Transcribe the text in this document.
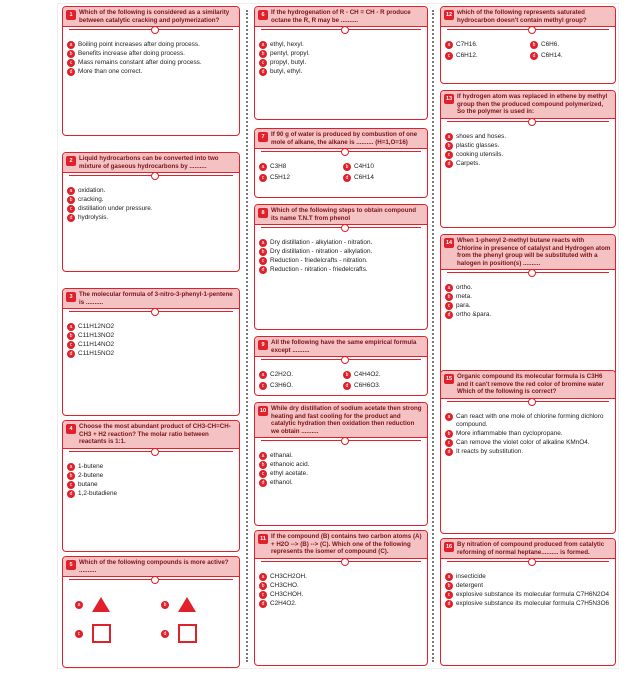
1	Which of the following is considered as a similarity between catalytic cracking and polymerization?
a Boiling point increases after doing process.
b Benefits increase after doing process.
c Mass remains constant after doing process.
d More than one correct.
2	Liquid hydrocarbons can be converted into two mixture of gaseous hydrocarbons by ..........
a oxidation.
b cracking.
c distillation under pressure.
d hydrolysis.
3	The molecular formula of 3-nitro-3-phenyl-1-pentene is ..........
a C11H12NO2
b C11H13NO2
c C11H14NO2
d C11H15NO2
4	Choose the most abundant product of CH3-CH=CH-CH3 + H2 reaction? The molar ratio between reactants is 1:1.
a 1-butene
b 2-butene
c butane
d 1,2-butadiene
5	Which of the following compounds is more active? ..........
a	b
c	d
6	If the hydrogenation of R - CH = CH - R produce octane the R, R may be ..........
a ethyl, hexyl.
b pentyl, propyl.
c propyl, butyl.
d butyl, ethyl.
7	If 90 g of water is produced by combustion of one mole of alkane, the alkane is .......... (H=1,O=16)
a C3H8	b C4H10
c C5H12	d C6H14
8	Which of the following steps to obtain compound its name T.N.T from phenol
a Dry distillation - alkylation - nitration.
b Dry distillation - nitration - alkylation.
c Reduction - friedelcrafts - nitration.
d Reduction - nitration - friedelcrafts.
9	All the following have the same empirical formula except ..........
a C2H2O.	b C4H4O2.
c C3H6O.	d C6H6O3.
10 While dry distillation of sodium acetate then strong heating and fast cooling for the product and catalytic hydration then oxidation then reduction we obtain ..........
a ethanal.
b ethanoic acid.
c ethyl acetate.
d ethanol.
11 If the compound (B) contains two carbon atoms (A) + H2O --> (B) --> (C). Which one of the following represents the isomer of compound (C).
a CH3CH2OH.
b CH3CHO.
c CH3CHOH.
d C2H4O2.
12 which of the following represents saturated hydrocarbon doesn't contain methyl group?
a C7H16.	b C6H6.
c C6H12.	d C6H14.
13 If hydrogen atom was replaced in ethene by methyl group then the produced compound polymerized, So the polymer is used in:
a shoes and hoses.
b plastic glasses.
c cooking utensils.
d Carpets.
14 When 1-phenyl 2-methyl butane reacts with Chlorine in presence of catalyst and Hydrogen atom from the phenyl group will be substituted with a halogen in position(s) ..........
a ortho.
b meta.
c para.
d ortho &para.
15 Organic compound its molecular formula is C3H6 and it can't remove the red color of bromine water Which of the following is correct?
a Can react with one mole of chlorine forming dichloro compound.
b More inflammable than cyclopropane.
c Can remove the violet color of alkaline KMnO4.
d It reacts by substitution.
16 By nitration of compound produced from catalytic reforming of normal heptane.......... is formed.
a insecticide
b detergent
c explosive substance its molecular formula C7H6N2O4
d explosive substance its molecular formula C7H5N3O6
